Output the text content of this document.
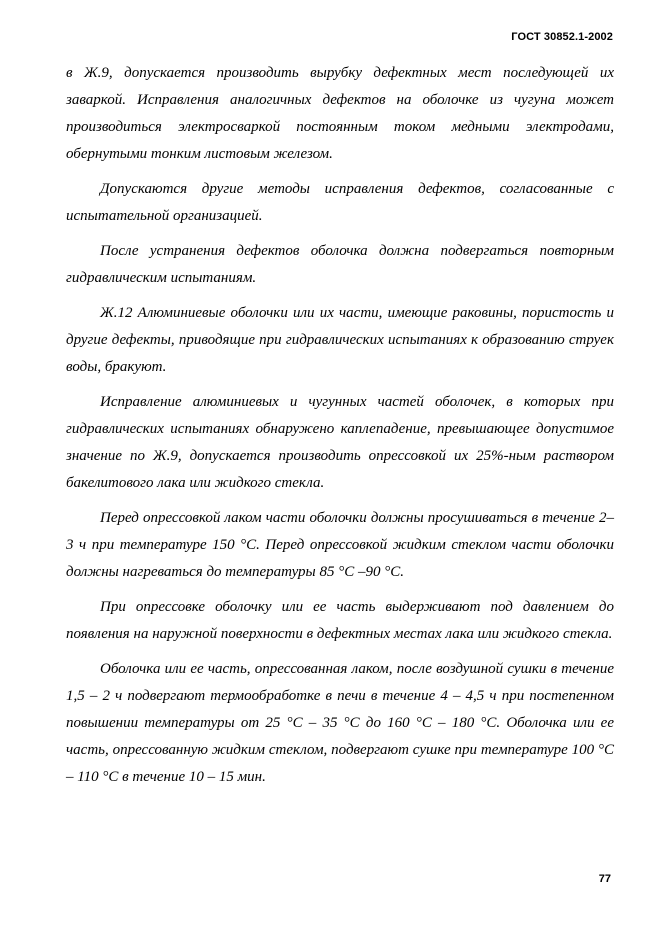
ГОСТ 30852.1-2002

в Ж.9, допускается производить вырубку дефектных мест последующей их заваркой. Исправления аналогичных дефектов на оболочке из чугуна может производиться электросваркой постоянным током медными электродами, обернутыми тонким листовым железом.

Допускаются другие методы исправления дефектов, согласованные с испытательной организацией.

После устранения дефектов оболочка должна подвергаться повторным гидравлическим испытаниям.

Ж.12 Алюминиевые оболочки или их части, имеющие раковины, пористость и другие дефекты, приводящие при гидравлических испытаниях к образованию струек воды, бракуют.

Исправление алюминиевых и чугунных частей оболочек, в которых при гидравлических испытаниях обнаружено каплепадение, превышающее допустимое значение по Ж.9, допускается производить опрессовкой их 25%-ным раствором бакелитового лака или жидкого стекла.

Перед опрессовкой лаком части оболочки должны просушиваться в течение 2–3 ч при температуре 150 °С. Перед опрессовкой жидким стеклом части оболочки должны нагреваться до температуры 85 °С –90 °С.

При опрессовке оболочку или ее часть выдерживают под давлением до появления на наружной поверхности в дефектных местах лака или жидкого стекла.

Оболочка или ее часть, опрессованная лаком, после воздушной сушки в течение 1,5 – 2 ч подвергают термообработке в печи в течение 4 – 4,5 ч при постепенном повышении температуры от 25 °С – 35 °С до 160 °С – 180 °С. Оболочка или ее часть, опрессованную жидким стеклом, подвергают сушке при температуре 100 °С – 110 °С в течение 10 – 15 мин.

77
